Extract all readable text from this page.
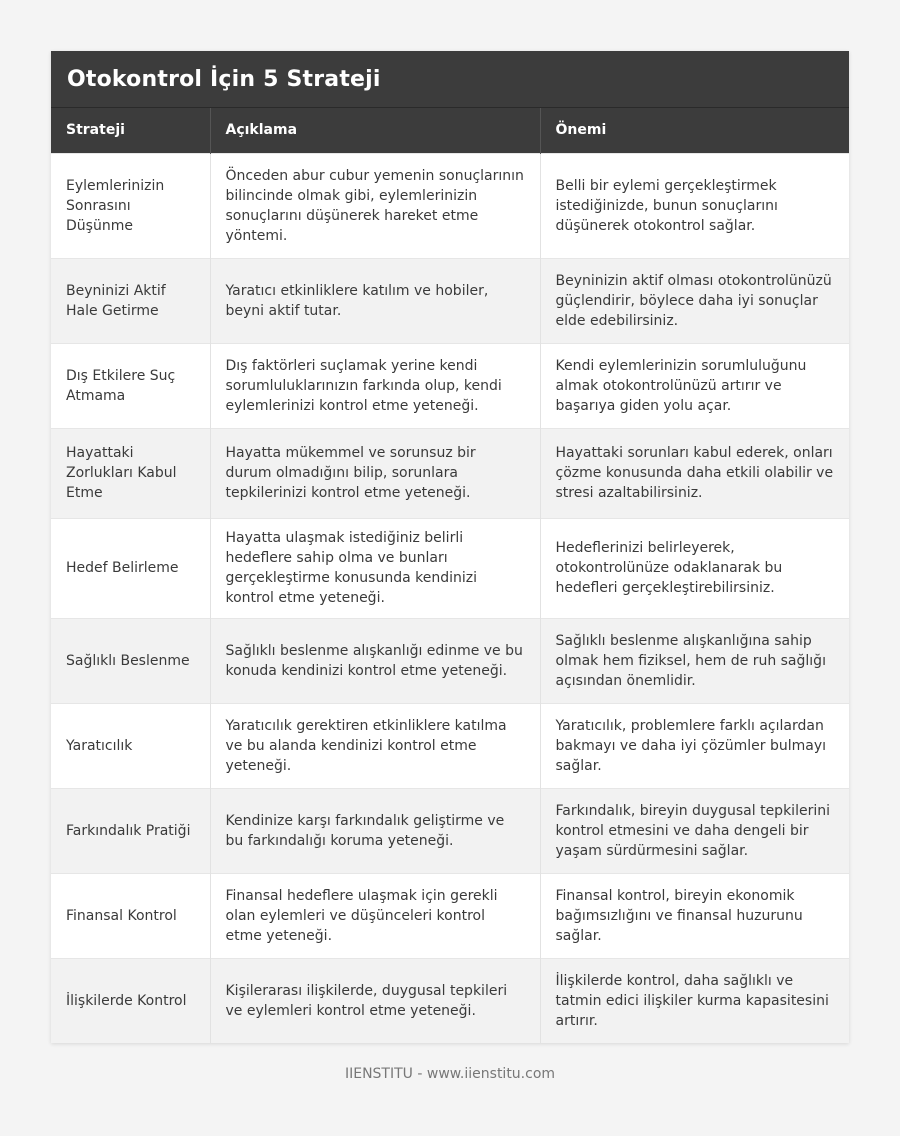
Otokontrol İçin 5 Strateji
Strateji	Açıklama	Önemi
Eylemlerinizin Sonrasını Düşünme	Önceden abur cubur yemenin sonuçlarının bilincinde olmak gibi, eylemlerinizin sonuçlarını düşünerek hareket etme yöntemi.	Belli bir eylemi gerçekleştirmek istediğinizde, bunun sonuçlarını düşünerek otokontrol sağlar.
Beyninizi Aktif Hale Getirme	Yaratıcı etkinliklere katılım ve hobiler, beyni aktif tutar.	Beyninizin aktif olması otokontrolünüzü güçlendirir, böylece daha iyi sonuçlar elde edebilirsiniz.
Dış Etkilere Suç Atmama	Dış faktörleri suçlamak yerine kendi sorumluluklarınızın farkında olup, kendi eylemlerinizi kontrol etme yeteneği.	Kendi eylemlerinizin sorumluluğunu almak otokontrolünüzü artırır ve başarıya giden yolu açar.
Hayattaki Zorlukları Kabul Etme	Hayatta mükemmel ve sorunsuz bir durum olmadığını bilip, sorunlara tepkilerinizi kontrol etme yeteneği.	Hayattaki sorunları kabul ederek, onları çözme konusunda daha etkili olabilir ve stresi azaltabilirsiniz.
Hedef Belirleme	Hayatta ulaşmak istediğiniz belirli hedeflere sahip olma ve bunları gerçekleştirme konusunda kendinizi kontrol etme yeteneği.	Hedeflerinizi belirleyerek, otokontrolünüze odaklanarak bu hedefleri gerçekleştirebilirsiniz.
Sağlıklı Beslenme	Sağlıklı beslenme alışkanlığı edinme ve bu konuda kendinizi kontrol etme yeteneği.	Sağlıklı beslenme alışkanlığına sahip olmak hem fiziksel, hem de ruh sağlığı açısından önemlidir.
Yaratıcılık	Yaratıcılık gerektiren etkinliklere katılma ve bu alanda kendinizi kontrol etme yeteneği.	Yaratıcılık, problemlere farklı açılardan bakmayı ve daha iyi çözümler bulmayı sağlar.
Farkındalık Pratiği	Kendinize karşı farkındalık geliştirme ve bu farkındalığı koruma yeteneği.	Farkındalık, bireyin duygusal tepkilerini kontrol etmesini ve daha dengeli bir yaşam sürdürmesini sağlar.
Finansal Kontrol	Finansal hedeflere ulaşmak için gerekli olan eylemleri ve düşünceleri kontrol etme yeteneği.	Finansal kontrol, bireyin ekonomik bağımsızlığını ve finansal huzurunu sağlar.
İlişkilerde Kontrol	Kişilerarası ilişkilerde, duygusal tepkileri ve eylemleri kontrol etme yeteneği.	İlişkilerde kontrol, daha sağlıklı ve tatmin edici ilişkiler kurma kapasitesini artırır.
IIENSTITU - www.iienstitu.com
